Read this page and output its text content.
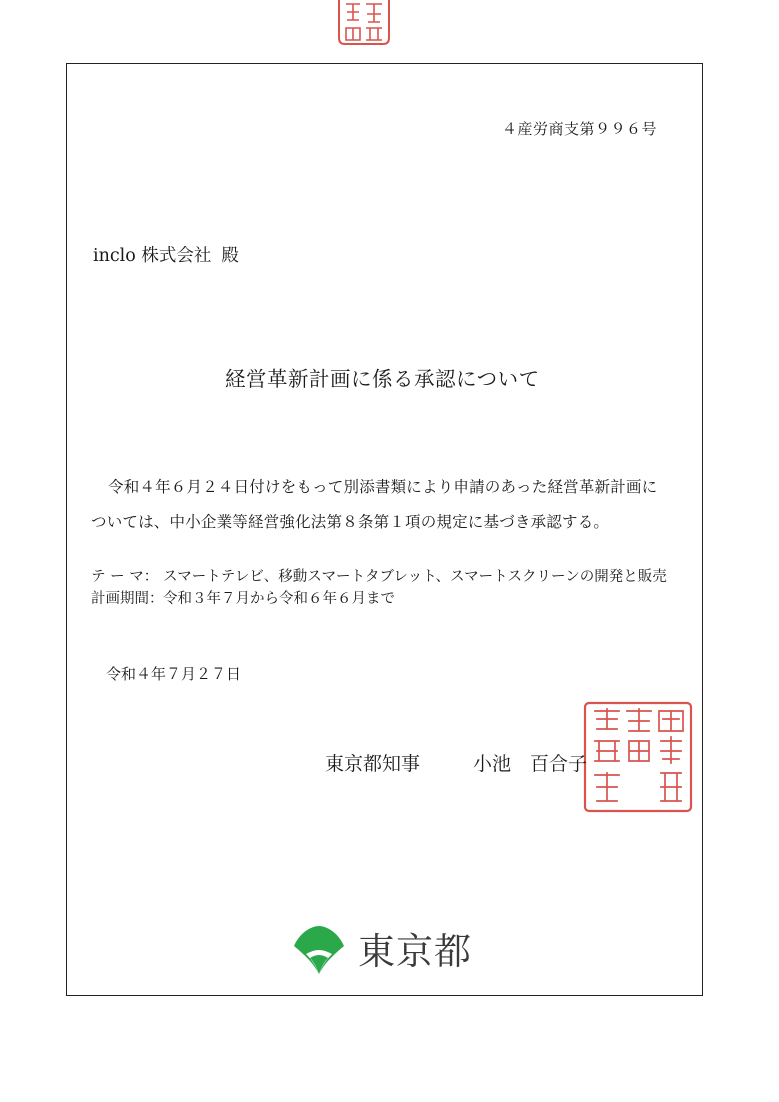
４産労商支第９９６号
inclo 株式会社 殿
経営革新計画に係る承認について
令和４年６月２４日付けをもって別添書類により申請のあった経営革新計画に
ついては、中小企業等経営強化法第８条第１項の規定に基づき承認する。
テ ー マ： スマートテレビ、移動スマートタブレット、スマートスクリーンの開発と販売
計画期間：令和３年７月から令和６年６月まで
令和４年７月２７日
東京都知事	小池　百合子
東京都
